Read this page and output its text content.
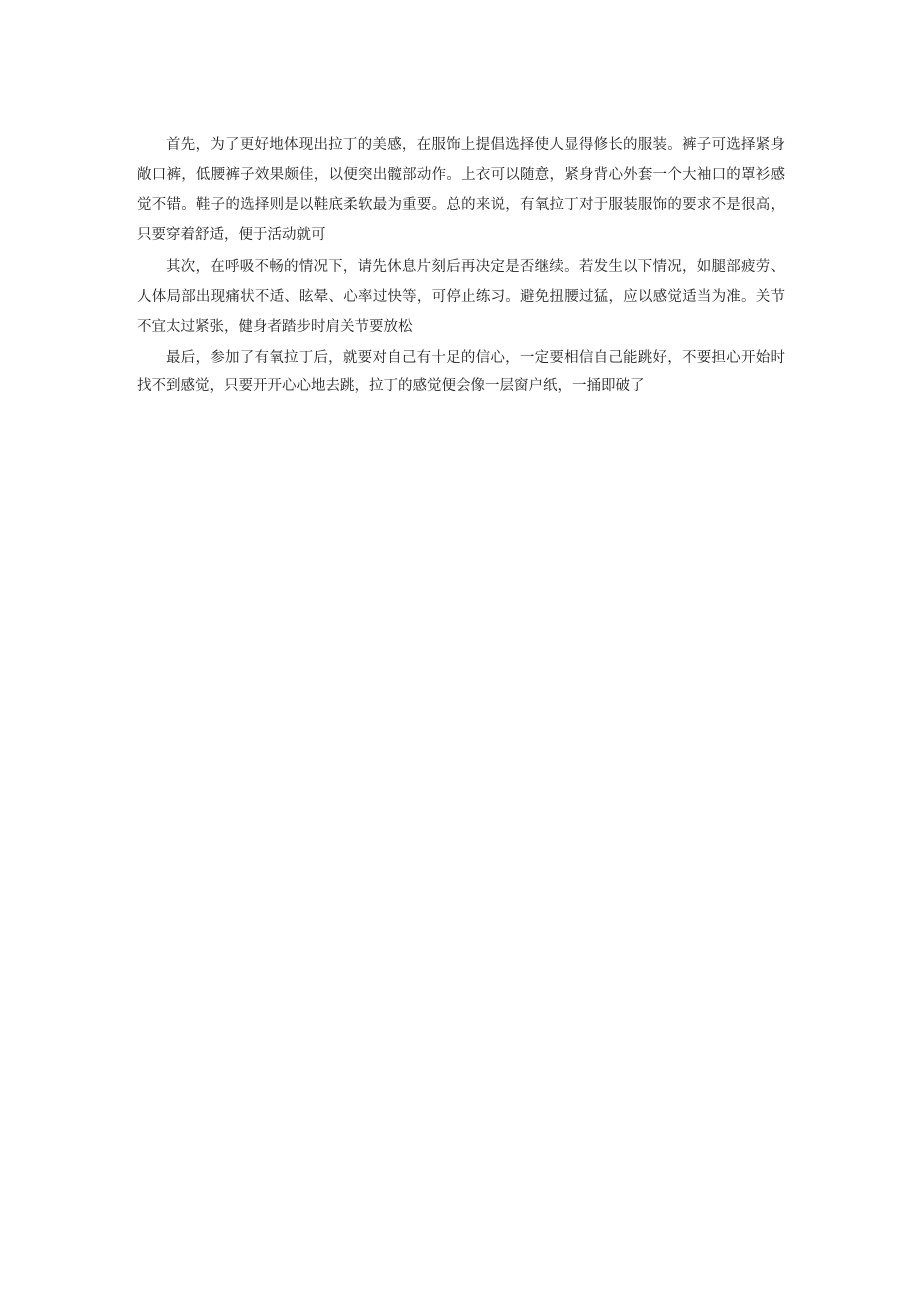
首先，为了更好地体现出拉丁的美感，在服饰上提倡选择使人显得修长的服装。裤子可选择紧身敞口裤，低腰裤子效果颇佳，以便突出髋部动作。上衣可以随意，紧身背心外套一个大袖口的罩衫感觉不错。鞋子的选择则是以鞋底柔软最为重要。总的来说，有氧拉丁对于服装服饰的要求不是很高，只要穿着舒适，便于活动就可

其次，在呼吸不畅的情况下，请先休息片刻后再决定是否继续。若发生以下情况，如腿部疲劳、人体局部出现痛状不适、眩晕、心率过快等，可停止练习。避免扭腰过猛，应以感觉适当为准。关节不宜太过紧张，健身者踏步时肩关节要放松

最后，参加了有氧拉丁后，就要对自己有十足的信心，一定要相信自己能跳好，不要担心开始时找不到感觉，只要开开心心地去跳，拉丁的感觉便会像一层窗户纸，一捅即破了
